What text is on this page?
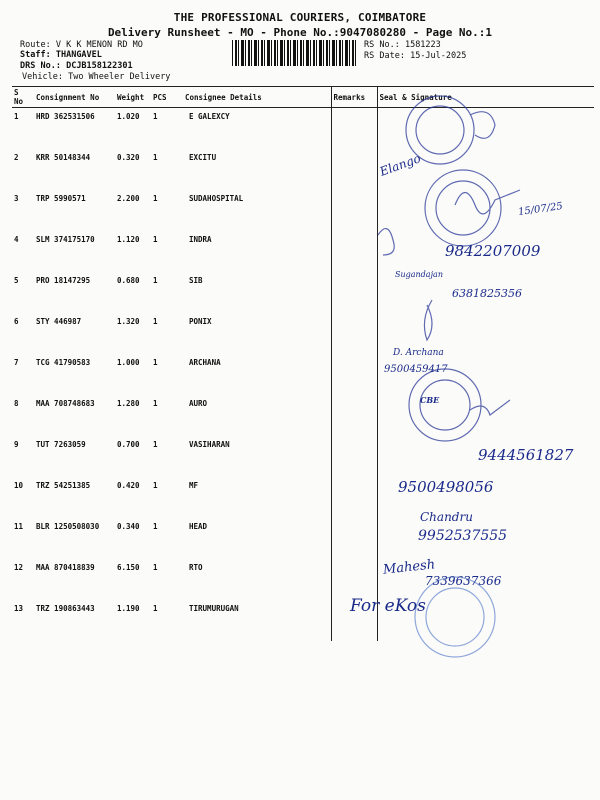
THE PROFESSIONAL COURIERS, COIMBATORE
Delivery Runsheet - MO - Phone No.:9047080280 - Page No.:1
Route: V K K MENON RD MO
Staff: THANGAVEL
DRS No.: DCJB158122301
Vehicle: Two Wheeler Delivery
RS No.: 1581223
RS Date: 15-Jul-2025
S No	Consignment No	Weight	PCS	Consignee Details	Remarks	Seal & Signature
1	HRD 362531506	1.020	1	E GALEXCY		
2	KRR 50148344	0.320	1	EXCITU		
3	TRP 5990571	2.200	1	SUDAHOSPITAL		
4	SLM 374175170	1.120	1	INDRA		
5	PRO 18147295	0.680	1	SIB		
6	STY 446987	1.320	1	PONIX		
7	TCG 41790583	1.000	1	ARCHANA		
8	MAA 708748683	1.280	1	AURO		
9	TUT 7263059	0.700	1	VASIHARAN		
10	TRZ 54251385	0.420	1	MF		
11	BLR 1250508030	0.340	1	HEAD		
12	MAA 870418839	6.150	1	RTO		
13	TRZ 190863443	1.190	1	TIRUMURUGAN		
Elango
15/07/25
9842207009
Sugandajan
6381825356
D. Archana
9500459417
CBE
9444561827
9500498056
Chandru
9952537555
Mahesh
7339637366
For eKos
